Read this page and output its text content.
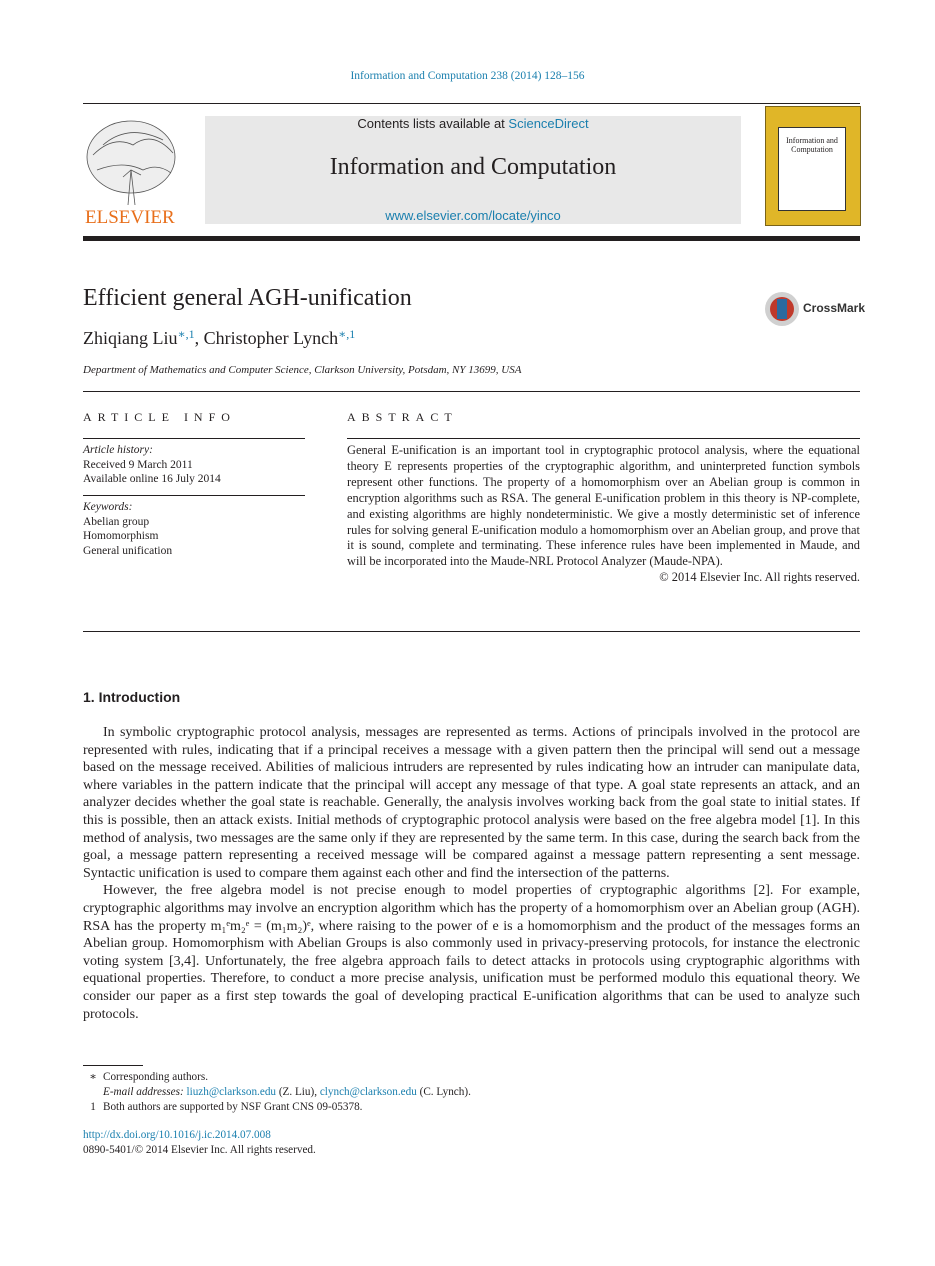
Information and Computation 238 (2014) 128–156
ELSEVIER
Contents lists available at ScienceDirect
Information and Computation
www.elsevier.com/locate/yinco
Information and Computation
Efficient general AGH-unification	CrossMark
Zhiqiang Liu$^{∗,1}$, Christopher Lynch$^{∗,1}$
Department of Mathematics and Computer Science, Clarkson University, Potsdam, NY 13699, USA
ARTICLE INFO
Article history:
Received 9 March 2011
Available online 16 July 2014
Keywords:
Abelian group
Homomorphism
General unification
ABSTRACT
General E-unification is an important tool in cryptographic protocol analysis, where the equational theory E represents properties of the cryptographic algorithm, and uninterpreted function symbols represent other functions. The property of a homomorphism over an Abelian group is common in encryption algorithms such as RSA. The general E-unification problem in this theory is NP-complete, and existing algorithms are highly nondeterministic. We give a mostly deterministic set of inference rules for solving general E-unification modulo a homomorphism over an Abelian group, and prove that it is sound, complete and terminating. These inference rules have been implemented in Maude, and will be incorporated into the Maude-NRL Protocol Analyzer (Maude-NPA).
© 2014 Elsevier Inc. All rights reserved.
1. Introduction

In symbolic cryptographic protocol analysis, messages are represented as terms. Actions of principals involved in the protocol are represented with rules, indicating that if a principal receives a message with a given pattern then the principal will send out a message based on the message received. Abilities of malicious intruders are represented by rules indicating how an intruder can manipulate data, where variables in the pattern indicate that the principal will accept any message of that type. A goal state represents an attack, and an analyzer decides whether the goal state is reachable. Generally, the analysis involves working back from the goal state to initial states. If this is possible, then an attack exists. Initial methods of cryptographic protocol analysis were based on the free algebra model [1]. In this method of analysis, two messages are the same only if they are represented by the same term. In this case, during the search back from the goal, a message pattern representing a received message will be compared against a message pattern representing a sent message. Syntactic unification is used to compare them against each other and find the intersection of the patterns.

However, the free algebra model is not precise enough to model properties of cryptographic algorithms [2]. For example, cryptographic algorithms may involve an encryption algorithm which has the property of a homomorphism over an Abelian group (AGH). RSA has the property m₁ᵉm₂ᵉ = (m₁m₂)ᵉ, where raising to the power of e is a homomorphism and the product of the messages forms an Abelian group. Homomorphism with Abelian Groups is also commonly used in privacy-preserving protocols, for instance the electronic voting system [3,4]. Unfortunately, the free algebra approach fails to detect attacks in protocols using cryptographic algorithms with equational properties. Therefore, to conduct a more precise analysis, unification must be performed modulo this equational theory. We consider our paper as a first step towards the goal of developing practical E-unification algorithms that can be used to analyze such protocols.

∗ Corresponding authors.
E-mail addresses: liuzh@clarkson.edu (Z. Liu), clynch@clarkson.edu (C. Lynch).
1 Both authors are supported by NSF Grant CNS 09-05378.
http://dx.doi.org/10.1016/j.ic.2014.07.008
0890-5401/© 2014 Elsevier Inc. All rights reserved.
